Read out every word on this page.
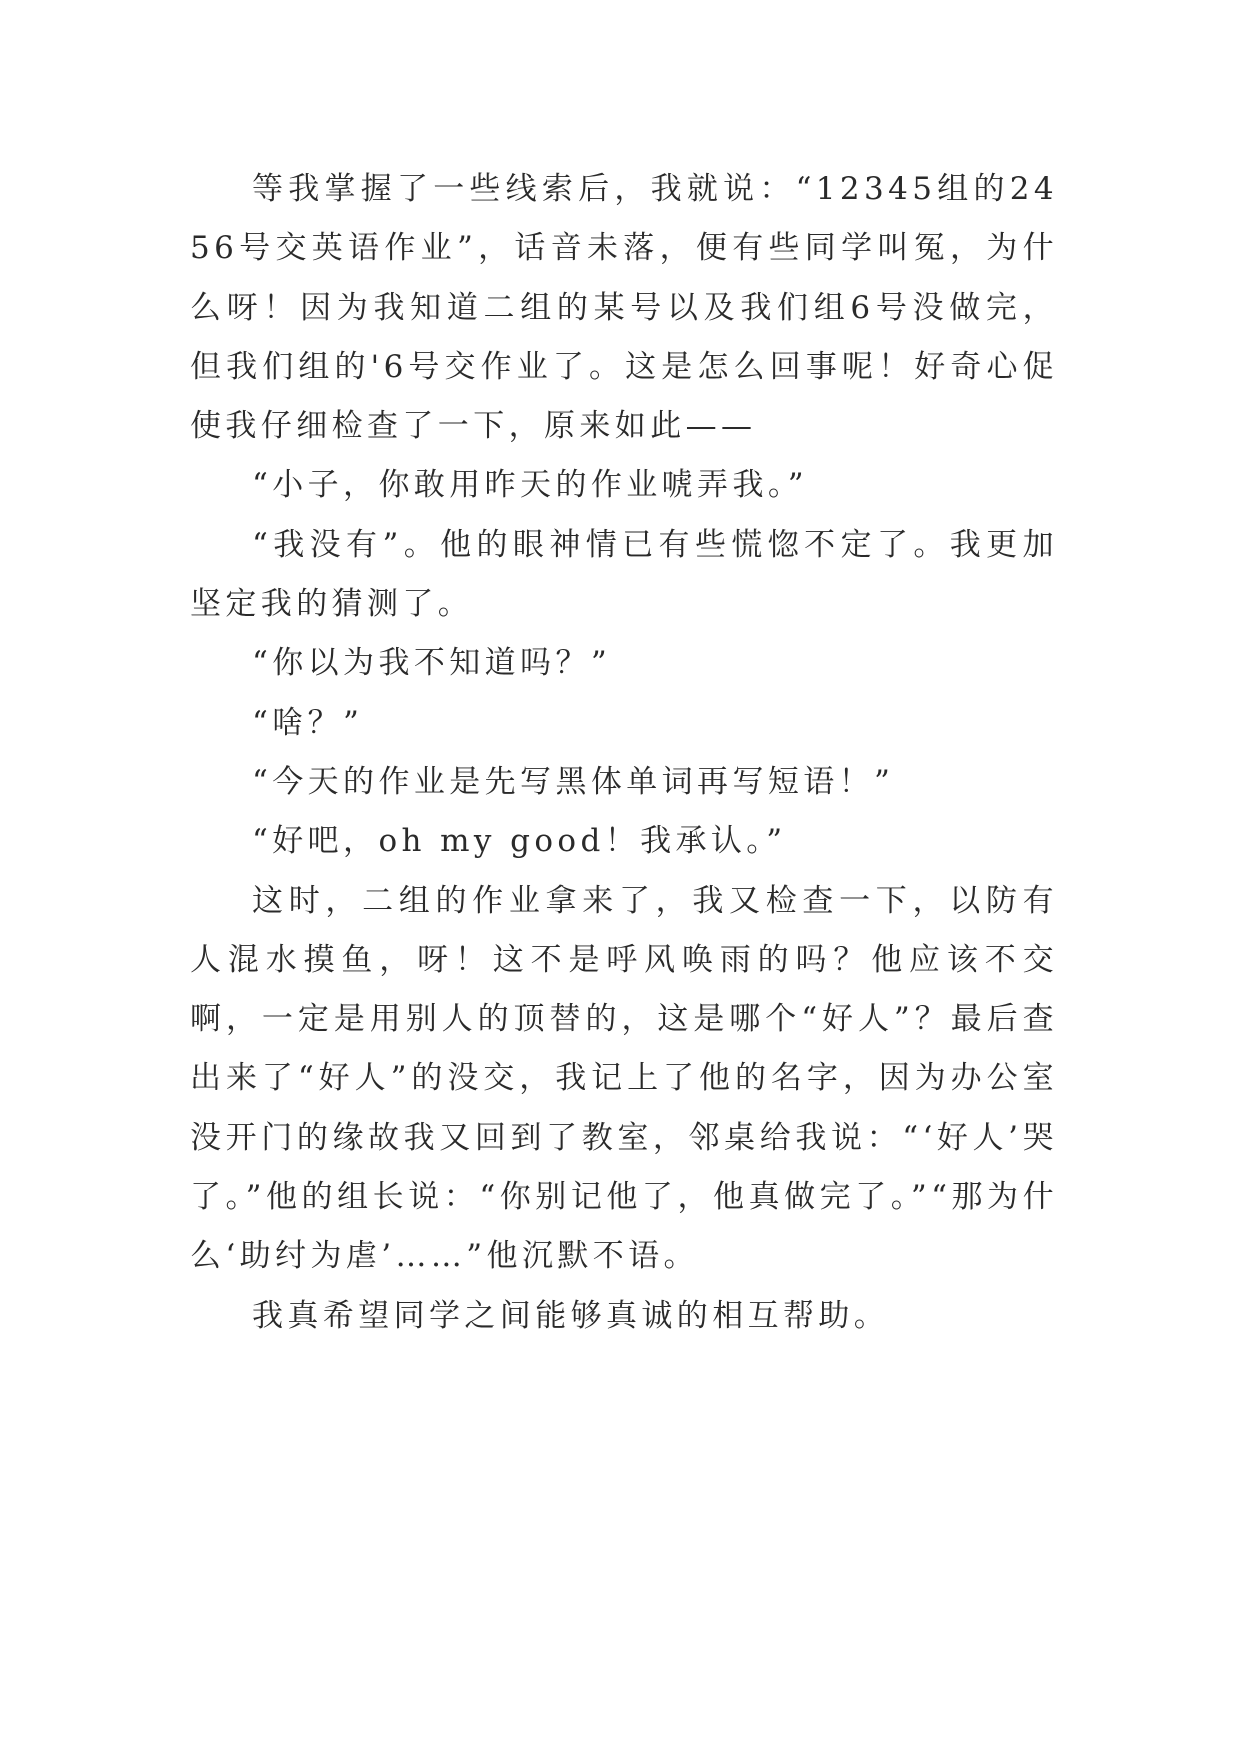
等我掌握了一些线索后，我就说：“12345组的2456号交英语作业”，话音未落，便有些同学叫冤，为什么呀！因为我知道二组的某号以及我们组6号没做完，但我们组的'6号交作业了。这是怎么回事呢！好奇心促使我仔细检查了一下，原来如此——

“小子，你敢用昨天的作业唬弄我。”

“我没有”。他的眼神情已有些慌惚不定了。我更加坚定我的猜测了。

“你以为我不知道吗？”

“啥？”

“今天的作业是先写黑体单词再写短语！”

“好吧，oh my good！我承认。”

这时，二组的作业拿来了，我又检查一下，以防有人混水摸鱼，呀！这不是呼风唤雨的吗？他应该不交啊，一定是用别人的顶替的，这是哪个“好人”？最后查出来了“好人”的没交，我记上了他的名字，因为办公室没开门的缘故我又回到了教室，邻桌给我说：“‘好人’哭了。”他的组长说：“你别记他了，他真做完了。”“那为什么‘助纣为虐’……”他沉默不语。

我真希望同学之间能够真诚的相互帮助。
